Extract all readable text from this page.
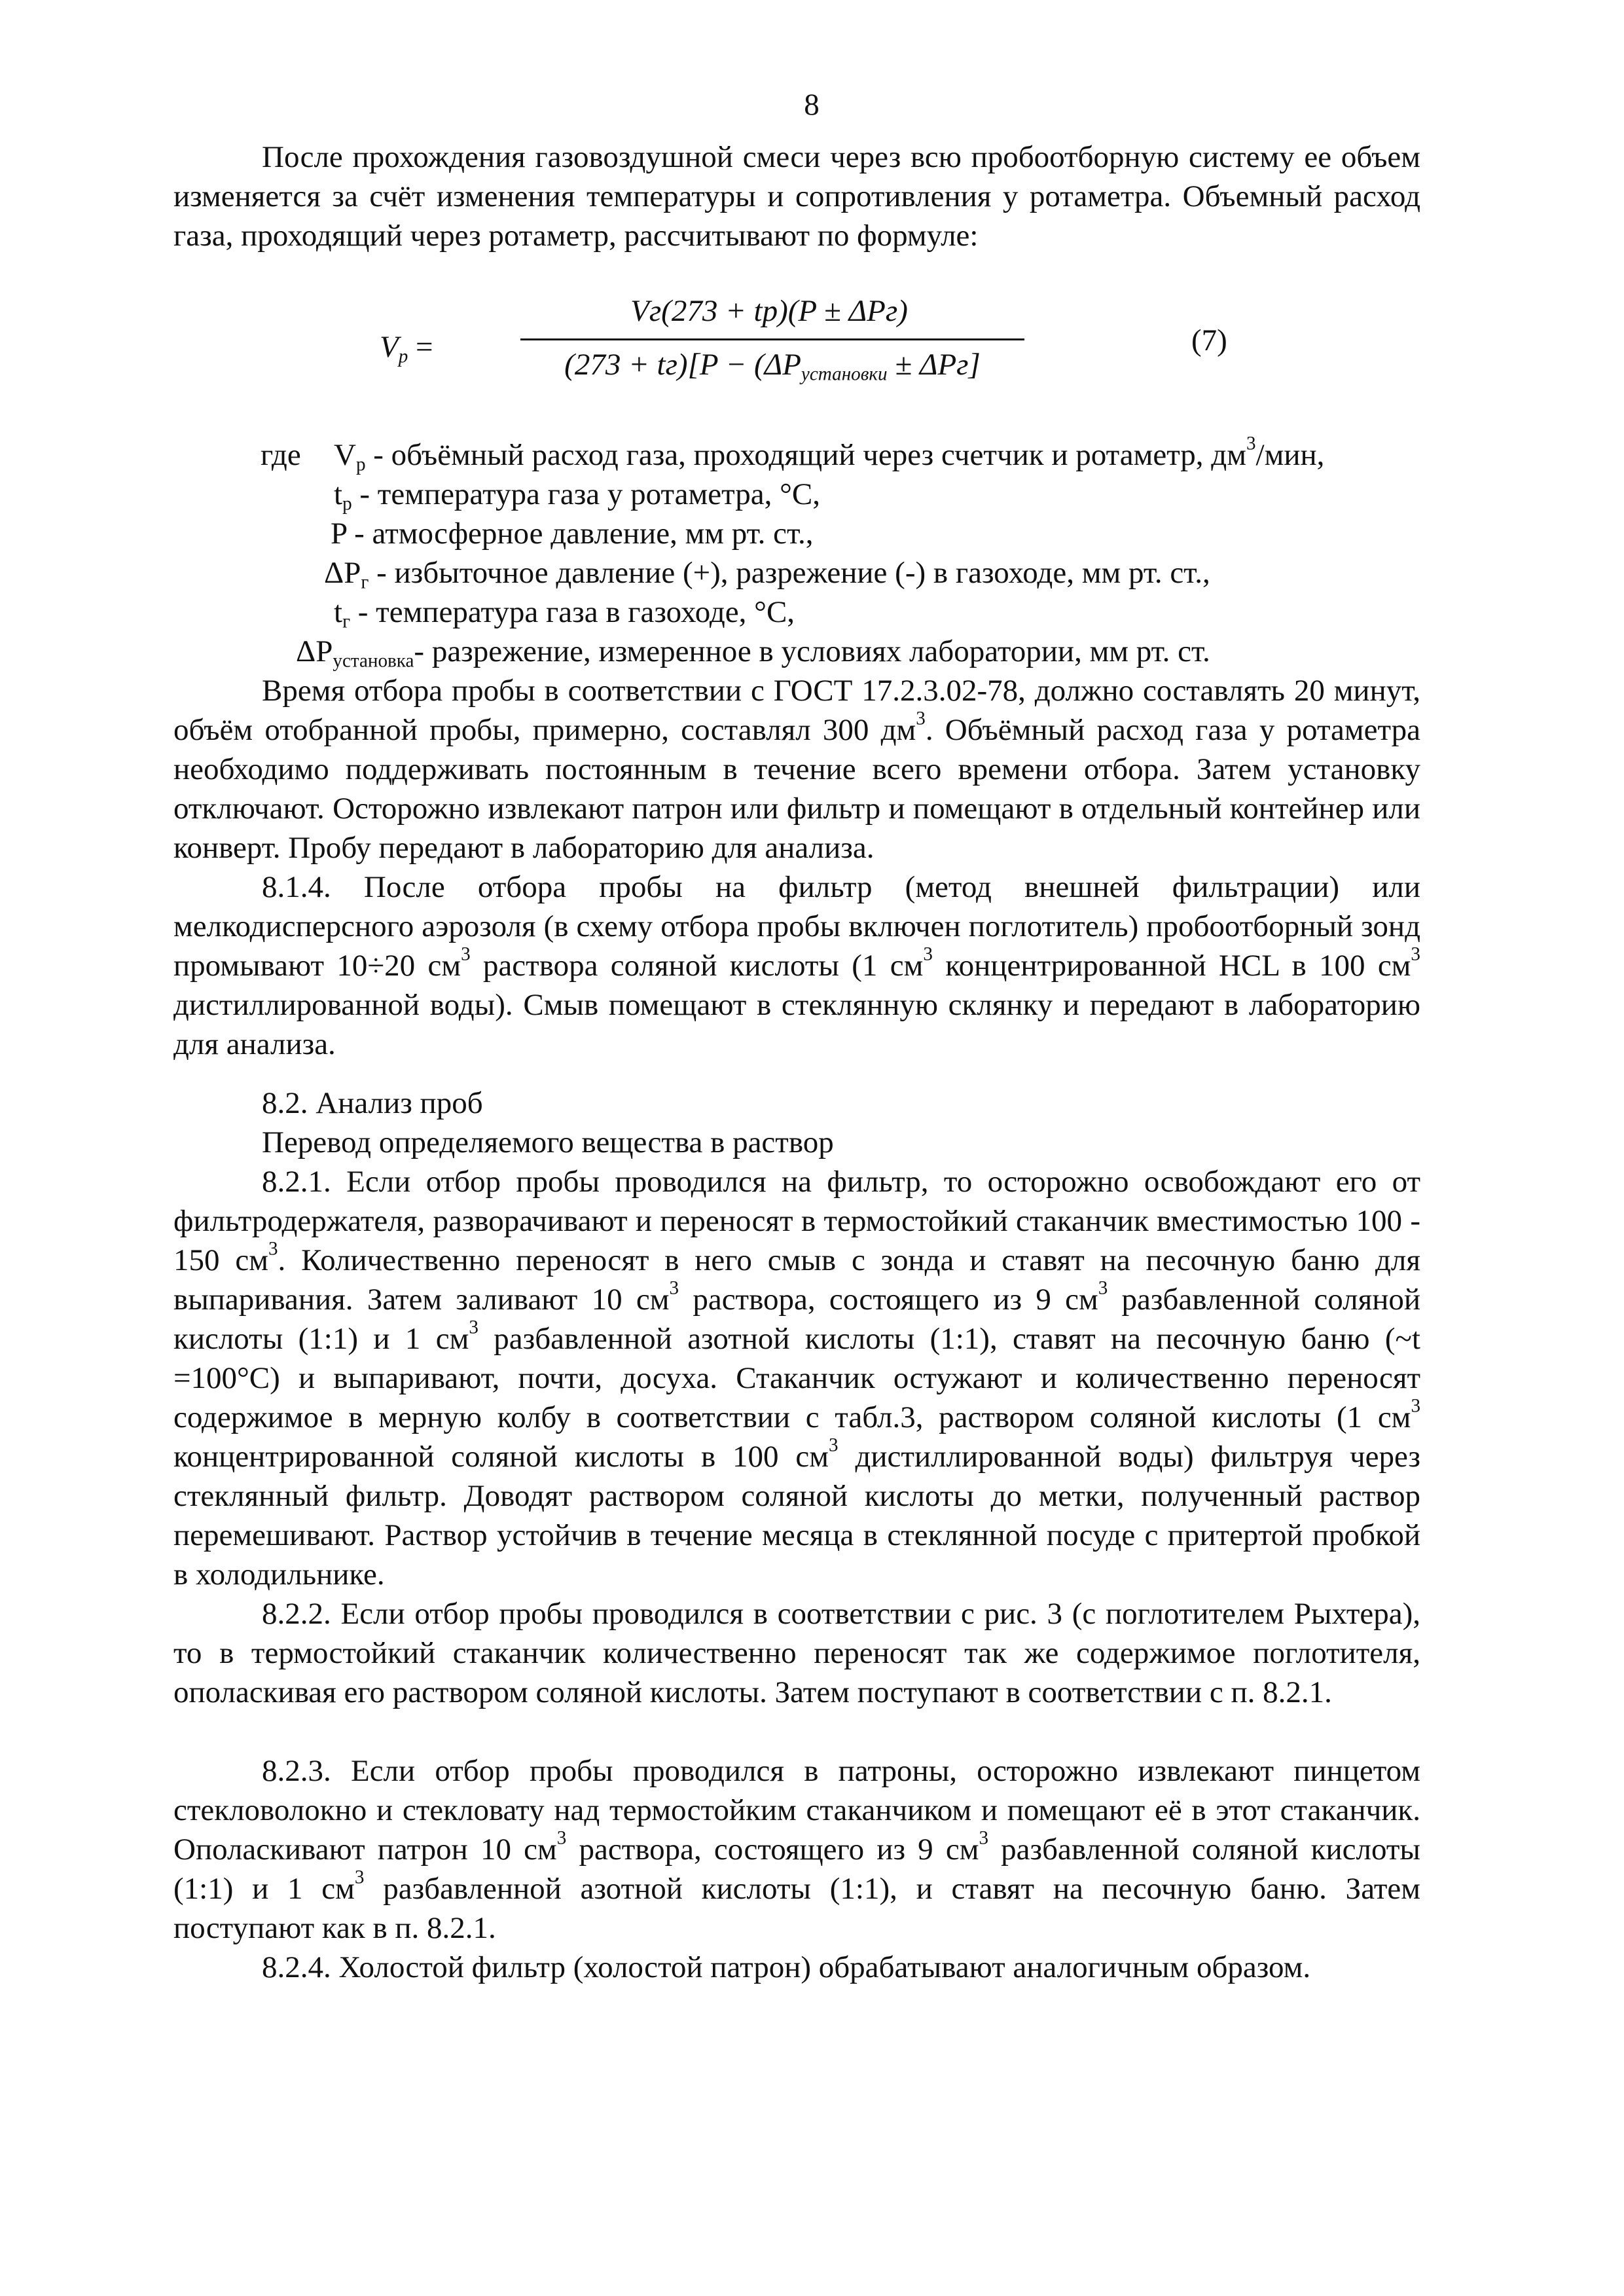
8
После прохождения газовоздушной смеси через всю пробоотборную систему ее объем изменяется за счёт изменения температуры и сопротивления у ротаметра. Объемный расход газа, проходящий через ротаметр, рассчитывают по формуле:
$V_p$ =
Vг(273 + tр)(P ± ΔPг)
$(273 + tг)[P - (\Delta P_{установки} \pm \Delta Pг]$
(7)
где $V_р$ - объёмный расход газа, проходящий через счетчик и ротаметр, $дм^3$/мин,
$t_р$ - температура газа у ротаметра, °С,
P - атмосферное давление, мм рт. ст.,
$\Delta P_г$ - избыточное давление (+), разрежение (-) в газоходе, мм рт. ст.,
$t_г$ - температура газа в газоходе, °С,
$\Delta P_{установка}-$ разрежение, измеренное в условиях лаборатории, мм рт. ст.
Время отбора пробы в соответствии с ГОСТ 17.2.3.02-78, должно составлять 20 минут, объём отобранной пробы, примерно, составлял 300 $дм^3$. Объёмный расход газа у ротаметра необходимо поддерживать постоянным в течение всего времени отбора. Затем установку отключают. Осторожно извлекают патрон или фильтр и помещают в отдельный контейнер или конверт. Пробу передают в лабораторию для анализа.
8.1.4. После отбора пробы на фильтр (метод внешней фильтрации) или мелкодисперсного аэрозоля (в схему отбора пробы включен поглотитель) пробоотборный зонд промывают 10÷20 $см^3$ раствора соляной кислоты (1 $см^3$ концентрированной HCL в 100 $см^3$ дистиллированной воды). Смыв помещают в стеклянную склянку и передают в лабораторию для анализа.
8.2. Анализ проб
Перевод определяемого вещества в раствор
8.2.1. Если отбор пробы проводился на фильтр, то осторожно освобождают его от фильтродержателя, разворачивают и переносят в термостойкий стаканчик вместимостью 100 - 150 $см^3$. Количественно переносят в него смыв с зонда и ставят на песочную баню для выпаривания. Затем заливают 10 $см^3$ раствора, состоящего из 9 $см^3$ разбавленной соляной кислоты (1:1) и 1 $см^3$ разбавленной азотной кислоты (1:1), ставят на песочную баню (~t =100°С) и выпаривают, почти, досуха. Стаканчик остужают и количественно переносят содержимое в мерную колбу в соответствии с табл.3, раствором соляной кислоты (1 $см^3$ концентрированной соляной кислоты в 100 $см^3$ дистиллированной воды) фильтруя через стеклянный фильтр. Доводят раствором соляной кислоты до метки, полученный раствор перемешивают. Раствор устойчив в течение месяца в стеклянной посуде с притертой пробкой в холодильнике.
8.2.2. Если отбор пробы проводился в соответствии с рис. 3 (с поглотителем Рыхтера), то в термостойкий стаканчик количественно переносят так же содержимое поглотителя, ополаскивая его раствором соляной кислоты. Затем поступают в соответствии с п. 8.2.1.
8.2.3. Если отбор пробы проводился в патроны, осторожно извлекают пинцетом стекловолокно и стекловату над термостойким стаканчиком и помещают её в этот стаканчик. Ополаскивают патрон 10 $см^3$ раствора, состоящего из 9 $см^3$ разбавленной соляной кислоты (1:1) и 1 $см^3$ разбавленной азотной кислоты (1:1), и ставят на песочную баню. Затем поступают как в п. 8.2.1.
8.2.4. Холостой фильтр (холостой патрон) обрабатывают аналогичным образом.
